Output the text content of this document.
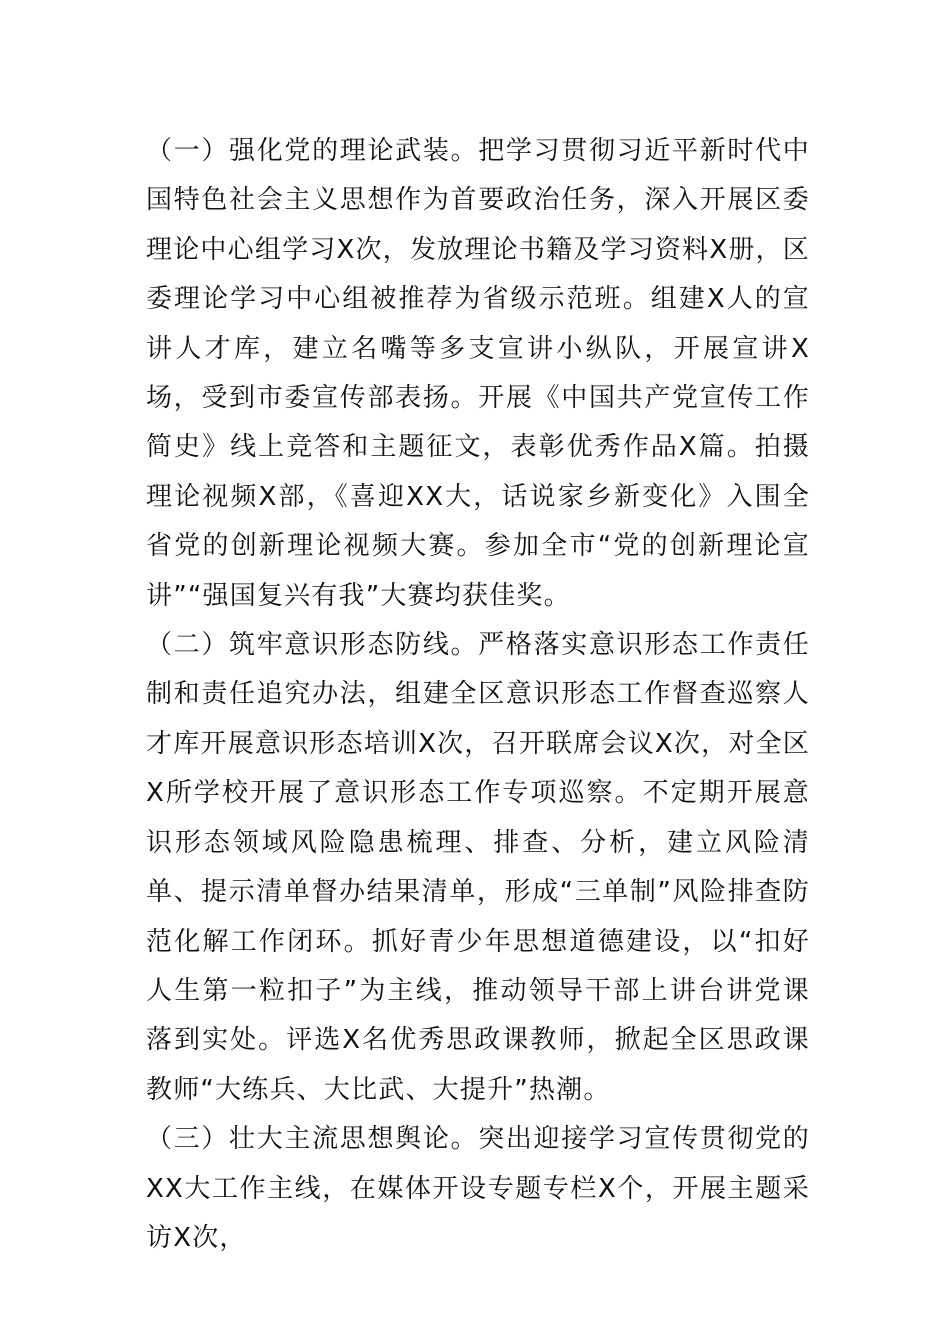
（一）强化党的理论武装。把学习贯彻习近平新时代中国特色社会主义思想作为首要政治任务，深入开展区委理论中心组学习X次，发放理论书籍及学习资料X册，区委理论学习中心组被推荐为省级示范班。组建X人的宣讲人才库，建立名嘴等多支宣讲小纵队，开展宣讲X场，受到市委宣传部表扬。开展《中国共产党宣传工作简史》线上竞答和主题征文，表彰优秀作品X篇。拍摄理论视频X部，《喜迎XX大，话说家乡新变化》入围全省党的创新理论视频大赛。参加全市“党的创新理论宣讲”“强国复兴有我”大赛均获佳奖。

（二）筑牢意识形态防线。严格落实意识形态工作责任制和责任追究办法，组建全区意识形态工作督查巡察人才库开展意识形态培训X次，召开联席会议X次，对全区X所学校开展了意识形态工作专项巡察。不定期开展意识形态领域风险隐患梳理、排查、分析，建立风险清单、提示清单督办结果清单，形成“三单制”风险排查防范化解工作闭环。抓好青少年思想道德建设，以“扣好人生第一粒扣子”为主线，推动领导干部上讲台讲党课落到实处。评选X名优秀思政课教师，掀起全区思政课教师“大练兵、大比武、大提升”热潮。

（三）壮大主流思想舆论。突出迎接学习宣传贯彻党的XX大工作主线，在媒体开设专题专栏X个，开展主题采访X次，
